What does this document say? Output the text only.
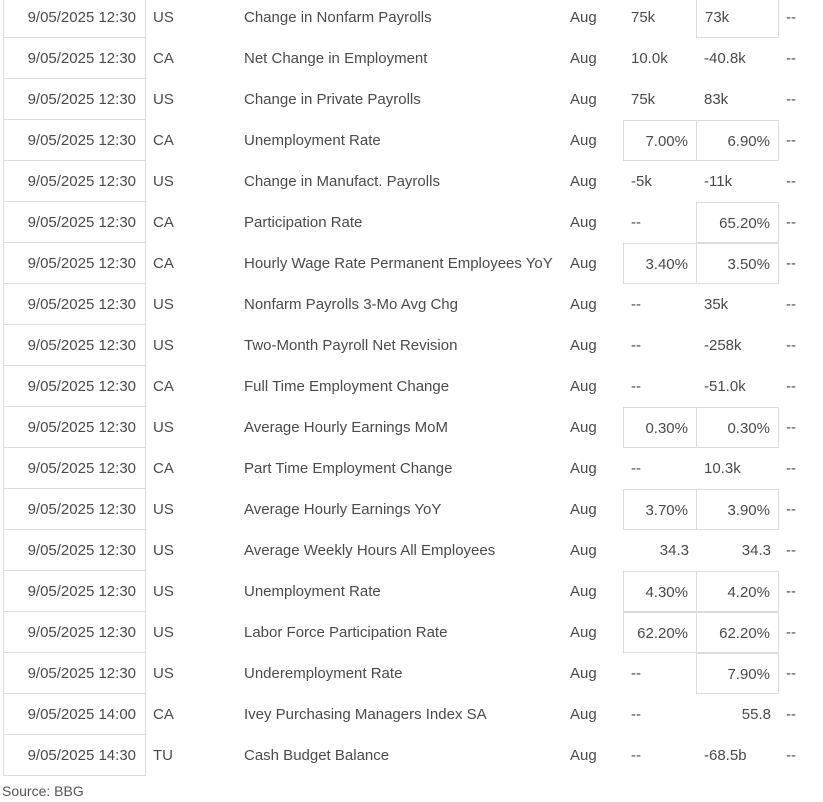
9/05/2025 12:30	US	Change in Nonfarm Payrolls	Aug	75k	73k	--
9/05/2025 12:30	CA	Net Change in Employment	Aug	10.0k	-40.8k	--
9/05/2025 12:30	US	Change in Private Payrolls	Aug	75k	83k	--
9/05/2025 12:30	CA	Unemployment Rate	Aug	7.00%	6.90%	--
9/05/2025 12:30	US	Change in Manufact. Payrolls	Aug	-5k	-11k	--
9/05/2025 12:30	CA	Participation Rate	Aug	--	65.20%	--
9/05/2025 12:30	CA	Hourly Wage Rate Permanent Employees YoY	Aug	3.40%	3.50%	--
9/05/2025 12:30	US	Nonfarm Payrolls 3-Mo Avg Chg	Aug	--	35k	--
9/05/2025 12:30	US	Two-Month Payroll Net Revision	Aug	--	-258k	--
9/05/2025 12:30	CA	Full Time Employment Change	Aug	--	-51.0k	--
9/05/2025 12:30	US	Average Hourly Earnings MoM	Aug	0.30%	0.30%	--
9/05/2025 12:30	CA	Part Time Employment Change	Aug	--	10.3k	--
9/05/2025 12:30	US	Average Hourly Earnings YoY	Aug	3.70%	3.90%	--
9/05/2025 12:30	US	Average Weekly Hours All Employees	Aug	34.3	34.3	--
9/05/2025 12:30	US	Unemployment Rate	Aug	4.30%	4.20%	--
9/05/2025 12:30	US	Labor Force Participation Rate	Aug	62.20%	62.20%	--
9/05/2025 12:30	US	Underemployment Rate	Aug	--	7.90%	--
9/05/2025 14:00	CA	Ivey Purchasing Managers Index SA	Aug	--	55.8	--
9/05/2025 14:30	TU	Cash Budget Balance	Aug	--	-68.5b	--
Source: BBG
